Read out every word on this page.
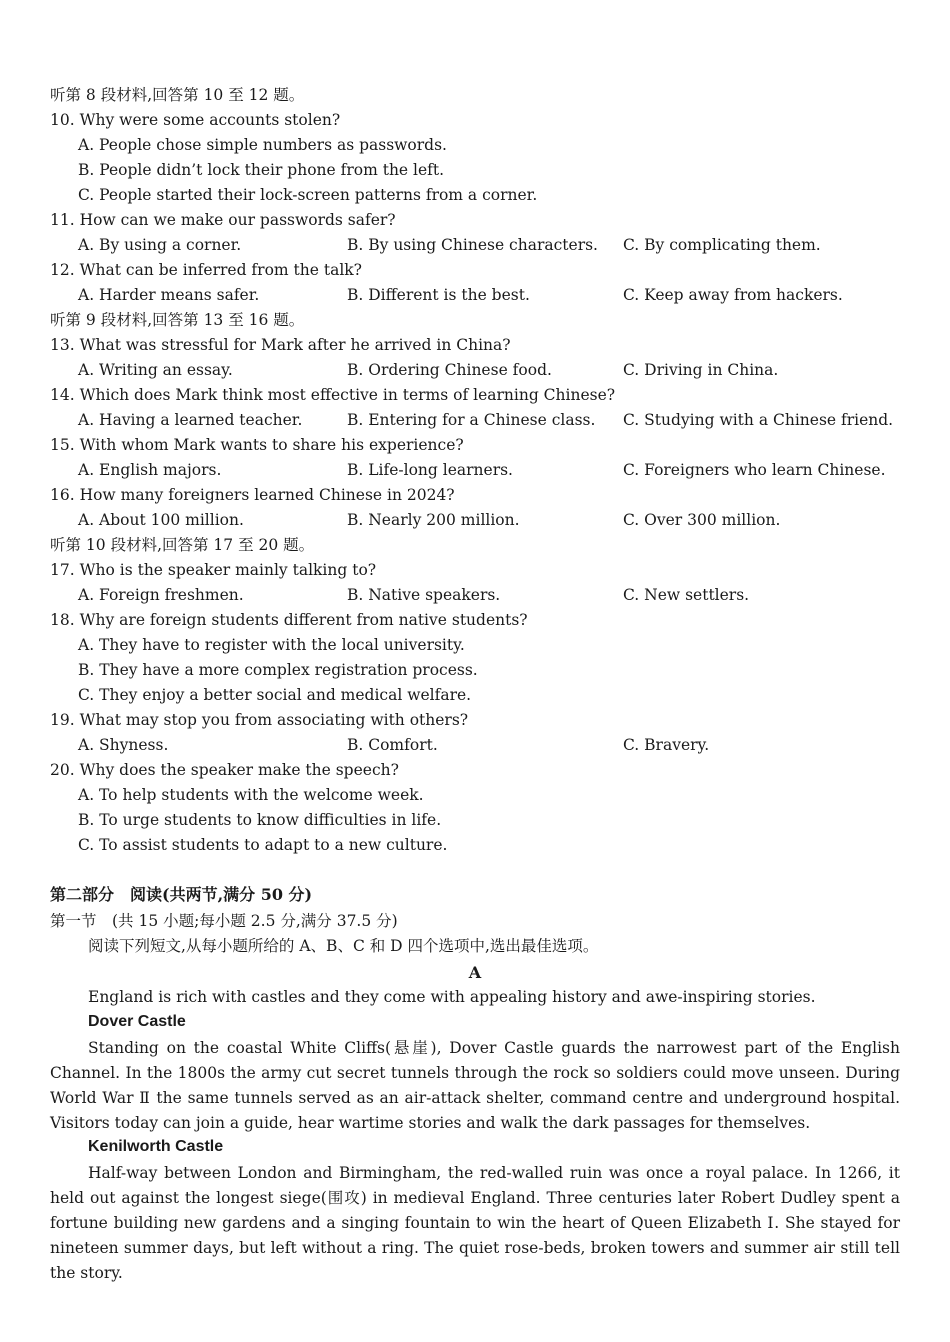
听第 8 段材料,回答第 10 至 12 题。
10. Why were some accounts stolen?
A. People chose simple numbers as passwords.
B. People didn’t lock their phone from the left.
C. People started their lock-screen patterns from a corner.
11. How can we make our passwords safer?
A. By using a corner.	B. By using Chinese characters. C. By complicating them.
12. What can be inferred from the talk?
A. Harder means safer.	B. Different is the best.	C. Keep away from hackers.
听第 9 段材料,回答第 13 至 16 题。
13. What was stressful for Mark after he arrived in China?
A. Writing an essay.	B. Ordering Chinese food.	C. Driving in China.
14. Which does Mark think most effective in terms of learning Chinese?
A. Having a learned teacher.	B. Entering for a Chinese class. C. Studying with a Chinese friend.
15. With whom Mark wants to share his experience?
A. English majors.	B. Life-long learners.	C. Foreigners who learn Chinese.
16. How many foreigners learned Chinese in 2024?
A. About 100 million.	B. Nearly 200 million.	C. Over 300 million.
听第 10 段材料,回答第 17 至 20 题。
17. Who is the speaker mainly talking to?
A. Foreign freshmen.	B. Native speakers.	C. New settlers.
18. Why are foreign students different from native students?
A. They have to register with the local university.
B. They have a more complex registration process.
C. They enjoy a better social and medical welfare.
19. What may stop you from associating with others?
A. Shyness.	B. Comfort.	C. Bravery.
20. Why does the speaker make the speech?
A. To help students with the welcome week.
B. To urge students to know difficulties in life.
C. To assist students to adapt to a new culture.
第二部分　阅读(共两节,满分 50 分)
第一节　(共 15 小题;每小题 2.5 分,满分 37.5 分)
阅读下列短文,从每小题所给的 A、B、C 和 D 四个选项中,选出最佳选项。
A
England is rich with castles and they come with appealing history and awe-inspiring stories.
Dover Castle
Standing on the coastal White Cliffs(悬崖), Dover Castle guards the narrowest part of the English Channel. In the 1800s the army cut secret tunnels through the rock so soldiers could move unseen. During World War Ⅱ the same tunnels served as an air-attack shelter, command centre and underground hospital. Visitors today can join a guide, hear wartime stories and walk the dark passages for themselves.
Kenilworth Castle
Half-way between London and Birmingham, the red-walled ruin was once a royal palace. In 1266, it held out against the longest siege(围攻) in medieval England. Three centuries later Robert Dudley spent a fortune building new gardens and a singing fountain to win the heart of Queen Elizabeth Ⅰ. She stayed for nineteen summer days, but left without a ring. The quiet rose-beds, broken towers and summer air still tell the story.
